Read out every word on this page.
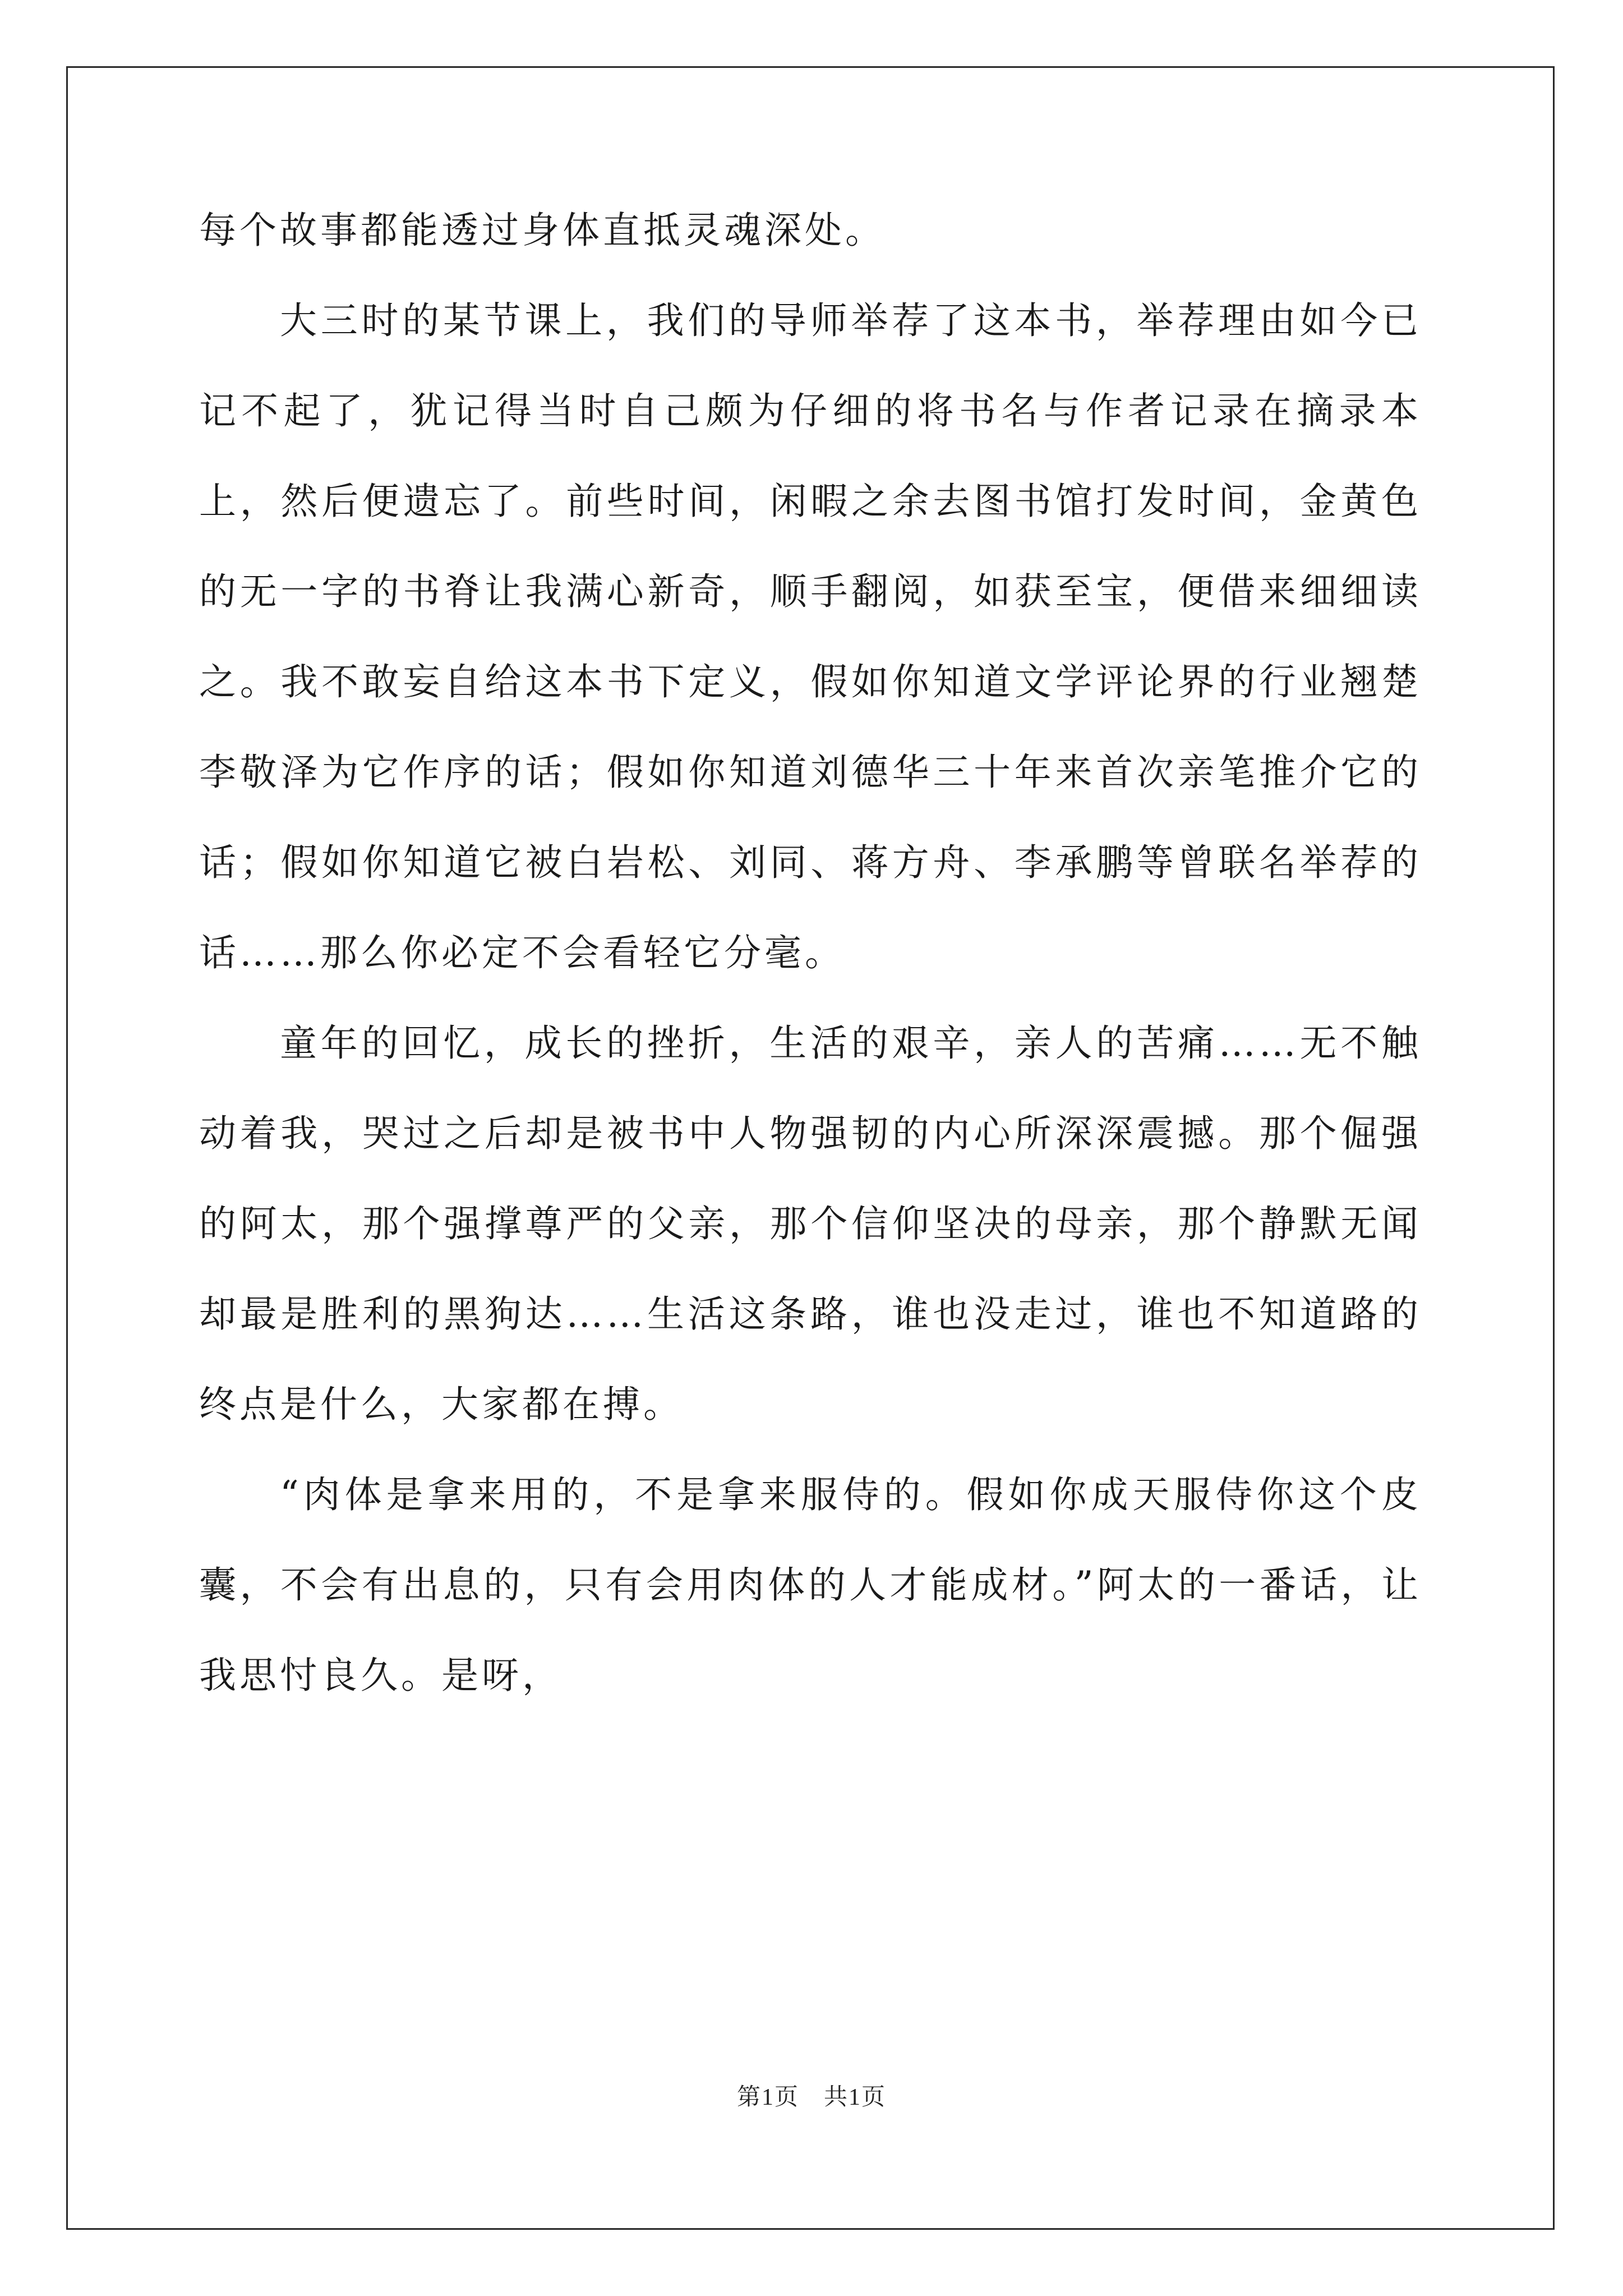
每个故事都能透过身体直抵灵魂深处。

大三时的某节课上，我们的导师举荐了这本书，举荐理由如今已记不起了，犹记得当时自己颇为仔细的将书名与作者记录在摘录本上，然后便遗忘了。前些时间，闲暇之余去图书馆打发时间，金黄色的无一字的书脊让我满心新奇，顺手翻阅，如获至宝，便借来细细读之。我不敢妄自给这本书下定义，假如你知道文学评论界的行业翘楚李敬泽为它作序的话；假如你知道刘德华三十年来首次亲笔推介它的话；假如你知道它被白岩松、刘同、蒋方舟、李承鹏等曾联名举荐的话……那么你必定不会看轻它分毫。

童年的回忆，成长的挫折，生活的艰辛，亲人的苦痛……无不触动着我，哭过之后却是被书中人物强韧的内心所深深震撼。那个倔强的阿太，那个强撑尊严的父亲，那个信仰坚决的母亲，那个静默无闻却最是胜利的黑狗达……生活这条路，谁也没走过，谁也不知道路的终点是什么，大家都在搏。

“肉体是拿来用的，不是拿来服侍的。假如你成天服侍你这个皮囊，不会有出息的，只有会用肉体的人才能成材。”阿太的一番话，让我思忖良久。是呀，

第1页　共1页
